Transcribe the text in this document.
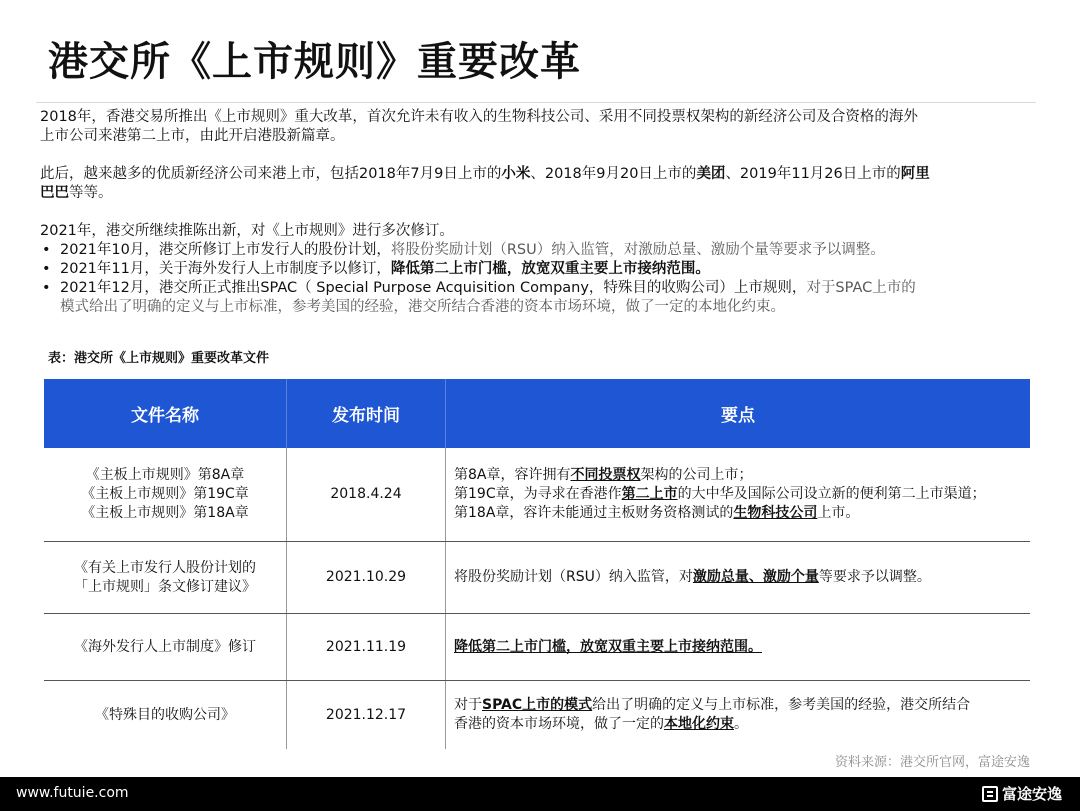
港交所《上市规则》重要改革

2018年，香港交易所推出《上市规则》重大改革，首次允许未有收入的生物科技公司、采用不同投票权架构的新经济公司及合资格的海外

上市公司来港第二上市，由此开启港股新篇章。

此后，越来越多的优质新经济公司来港上市，包括2018年7月9日上市的小米、2018年9月20日上市的美团、2019年11月26日上市的阿里

巴巴等等。

2021年，港交所继续推陈出新，对《上市规则》进行多次修订。

• 2021年10月，港交所修订上市发行人的股份计划，将股份奖励计划（RSU）纳入监管，对激励总量、激励个量等要求予以调整。
• 2021年11月，关于海外发行人上市制度予以修订，降低第二上市门槛，放宽双重主要上市接纳范围。
• 2021年12月，港交所正式推出SPAC（ Special Purpose Acquisition Company，特殊目的收购公司）上市规则，对于SPAC上市的
模式给出了明确的定义与上市标准，参考美国的经验，港交所结合香港的资本市场环境，做了一定的本地化约束。
表：港交所《上市规则》重要改革文件
文件名称	发布时间	要点
《主板上市规则》第8A章
《主板上市规则》第19C章
《主板上市规则》第18A章
2018.4.24
第8A章，容许拥有不同投票权架构的公司上市；
第19C章，为寻求在香港作第二上市的大中华及国际公司设立新的便利第二上市渠道；
第18A章，容许未能通过主板财务资格测试的生物科技公司上市。
《有关上市发行人股份计划的
「上市规则」条文修订建议》
2021.10.29	将股份奖励计划（RSU）纳入监管，对激励总量、激励个量等要求予以调整。
《海外发行人上市制度》修订	2021.11.19	降低第二上市门槛，放宽双重主要上市接纳范围。
《特殊目的收购公司》	2021.12.17
对于SPAC上市的模式给出了明确的定义与上市标准，参考美国的经验，港交所结合
香港的资本市场环境，做了一定的本地化约束。
资料来源：港交所官网，富途安逸
www.futuie.com	富途安逸
